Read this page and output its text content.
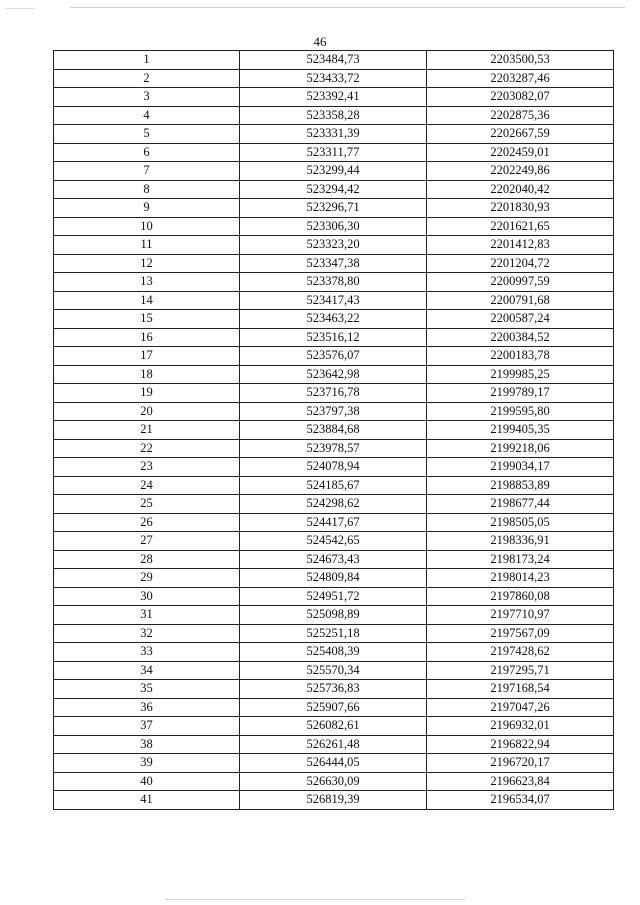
46
1	523484,73	2203500,53
2	523433,72	2203287,46
3	523392,41	2203082,07
4	523358,28	2202875,36
5	523331,39	2202667,59
6	523311,77	2202459,01
7	523299,44	2202249,86
8	523294,42	2202040,42
9	523296,71	2201830,93
10	523306,30	2201621,65
11	523323,20	2201412,83
12	523347,38	2201204,72
13	523378,80	2200997,59
14	523417,43	2200791,68
15	523463,22	2200587,24
16	523516,12	2200384,52
17	523576,07	2200183,78
18	523642,98	2199985,25
19	523716,78	2199789,17
20	523797,38	2199595,80
21	523884,68	2199405,35
22	523978,57	2199218,06
23	524078,94	2199034,17
24	524185,67	2198853,89
25	524298,62	2198677,44
26	524417,67	2198505,05
27	524542,65	2198336,91
28	524673,43	2198173,24
29	524809,84	2198014,23
30	524951,72	2197860,08
31	525098,89	2197710,97
32	525251,18	2197567,09
33	525408,39	2197428,62
34	525570,34	2197295,71
35	525736,83	2197168,54
36	525907,66	2197047,26
37	526082,61	2196932,01
38	526261,48	2196822,94
39	526444,05	2196720,17
40	526630,09	2196623,84
41	526819,39	2196534,07
